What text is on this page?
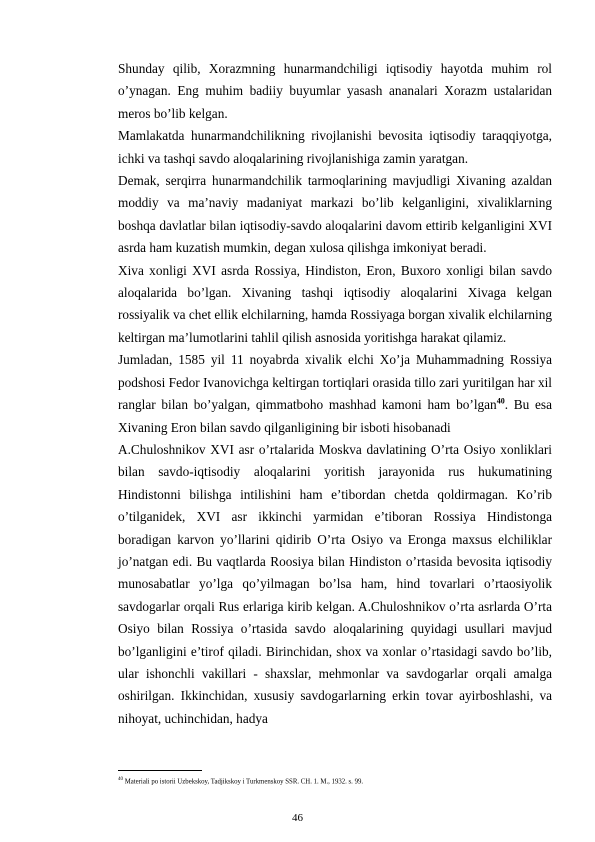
Shunday qilib, Xorazmning hunarmandchiligi iqtisodiy hayotda muhim rol o’ynagan. Eng muhim badiiy buyumlar yasash ananalari Xorazm ustalaridan meros bo’lib kelgan.

Mamlakatda hunarmandchilikning rivojlanishi bevosita iqtisodiy taraqqiyotga, ichki va tashqi savdo aloqalarining rivojlanishiga zamin yaratgan.

Demak, serqirra hunarmandchilik tarmoqlarining mavjudligi Xivaning azaldan moddiy va ma’naviy madaniyat markazi bo’lib kelganligini, xivaliklarning boshqa davlatlar bilan iqtisodiy-savdo aloqalarini davom ettirib kelganligini XVI asrda ham kuzatish mumkin, degan xulosa qilishga imkoniyat beradi.

Xiva xonligi XVI asrda Rossiya, Hindiston, Eron, Buxoro xonligi bilan savdo aloqalarida bo’lgan. Xivaning tashqi iqtisodiy aloqalarini Xivaga kelgan rossiyalik va chet ellik elchilarning, hamda Rossiyaga borgan xivalik elchilarning keltirgan ma’lumotlarini tahlil qilish asnosida yoritishga harakat qilamiz.

Jumladan, 1585 yil 11 noyabrda xivalik elchi Xo’ja Muhammadning Rossiya podshosi Fedor Ivanovichga keltirgan tortiqlari orasida tillo zari yuritilgan har xil ranglar bilan bo’yalgan, qimmatboho mashhad kamoni ham bo’lgan$^{40}$. Bu esa Xivaning Eron bilan savdo qilganligining bir isboti hisobanadi

A.Chuloshnikov XVI asr o’rtalarida Moskva davlatining O’rta Osiyo xonliklari bilan savdo-iqtisodiy aloqalarini yoritish jarayonida rus hukumatining Hindistonni bilishga intilishini ham e’tibordan chetda qoldirmagan. Ko’rib o’tilganidek, XVI asr ikkinchi yarmidan e’tiboran Rossiya Hindistonga boradigan karvon yo’llarini qidirib O’rta Osiyo va Eronga maxsus elchiliklar jo’natgan edi. Bu vaqtlarda Roosiya bilan Hindiston o’rtasida bevosita iqtisodiy munosabatlar yo’lga qo’yilmagan bo’lsa ham, hind tovarlari o’rtaosiyolik savdogarlar orqali Rus erlariga kirib kelgan. A.Chuloshnikov o’rta asrlarda O’rta Osiyo bilan Rossiya o’rtasida savdo aloqalarining quyidagi usullari mavjud bo’lganligini e’tirof qiladi. Birinchidan, shox va xonlar o’rtasidagi savdo bo’lib, ular ishonchli vakillari - shaxslar, mehmonlar va savdogarlar orqali amalga oshirilgan. Ikkinchidan, xususiy savdogarlarning erkin tovar ayirboshlashi, va nihoyat, uchinchidan, hadya

$^{40}$ Materiali po istorii Uzbekskoy, Tadjikskoy i Turkmenskoy SSR. CH. 1. M., 1932. s. 99.
46
